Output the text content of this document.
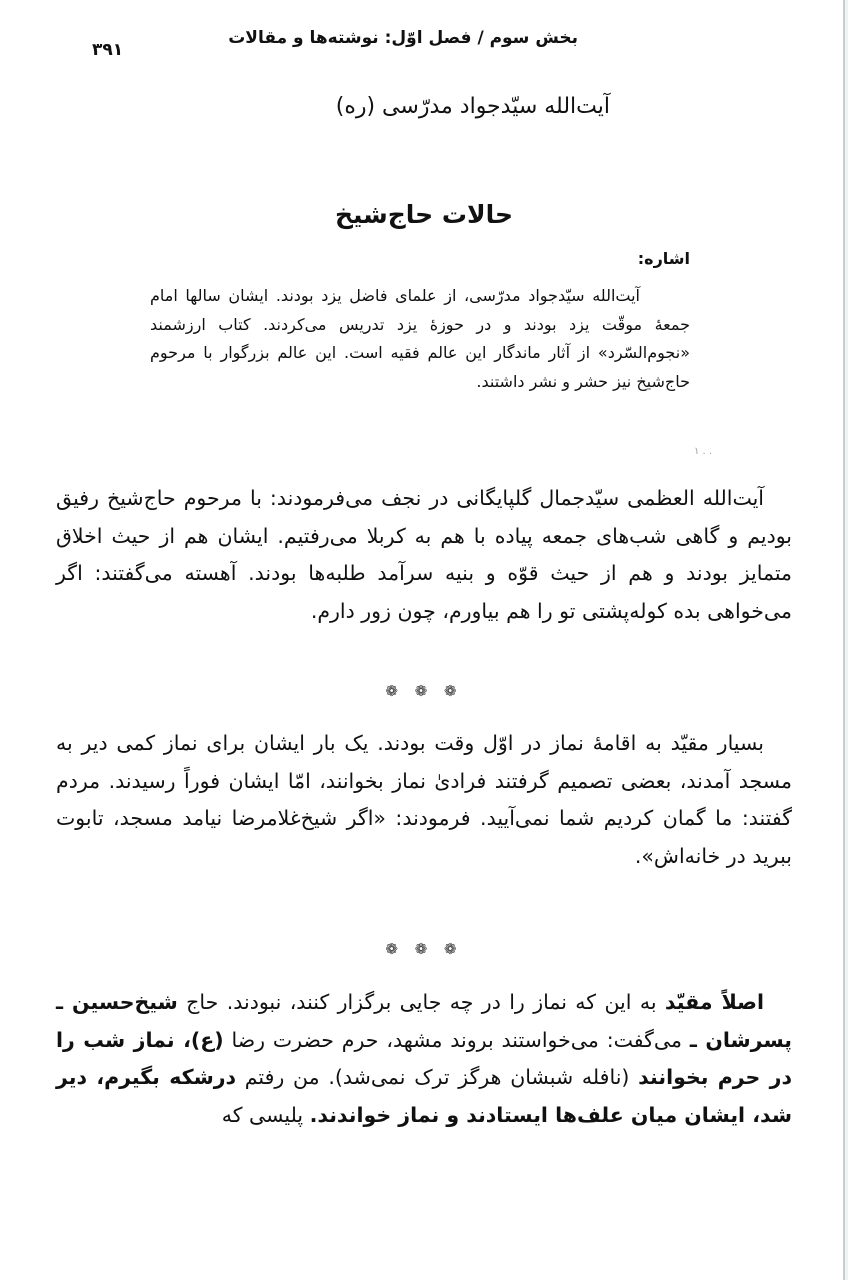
بخش سوم / فصل اوّل: نوشته‌ها و مقالات
۳۹۱
آیت‌الله سیّدجواد مدرّسی (ره)
حالات حاج‌شیخ
اشاره:
آیت‌الله سیّدجواد مدرّسی، از علمای فاضل یزد بودند. ایشان سالها امام جمعهٔ موقّت یزد بودند و در حوزهٔ یزد تدریس می‌کردند. کتاب ارزشمند «نجوم‌السّرد» از آثار ماندگار این عالم فقیه است. این عالم بزرگوار با مرحوم حاج‌شیخ نیز حشر و نشر داشتند.
۱ . .
آیت‌الله العظمی سیّدجمال گلپایگانی در نجف می‌فرمودند: با مرحوم حاج‌شیخ رفیق بودیم و گاهی شب‌های جمعه پیاده با هم به کربلا می‌رفتیم. ایشان هم از حیث اخلاق متمایز بودند و هم از حیث قوّه و بنیه سرآمد طلبه‌ها بودند. آهسته می‌گفتند: اگر می‌خواهی بده کوله‌پشتی تو را هم بیاورم، چون زور دارم.
❁ ❁ ❁
بسیار مقیّد به اقامهٔ نماز در اوّل وقت بودند. یک بار ایشان برای نماز کمی دیر به مسجد آمدند، بعضی تصمیم گرفتند فرادیٰ نماز بخوانند، امّا ایشان فوراً رسیدند. مردم گفتند: ما گمان کردیم شما نمی‌آیید. فرمودند: «اگر شیخ‌غلامرضا نیامد مسجد، تابوت ببرید در خانه‌اش».
❁ ❁ ❁
اصلاً مقیّد به این که نماز را در چه جایی برگزار کنند، نبودند. حاج شیخ‌حسین ـ پسرشان ـ می‌گفت: می‌خواستند بروند مشهد، حرم حضرت رضا (ع)، نماز شب را در حرم بخوانند (نافله شبشان هرگز ترک نمی‌شد). من رفتم درشکه بگیرم، دیر شد، ایشان میان علف‌ها ایستادند و نماز خواندند. پلیسی که
